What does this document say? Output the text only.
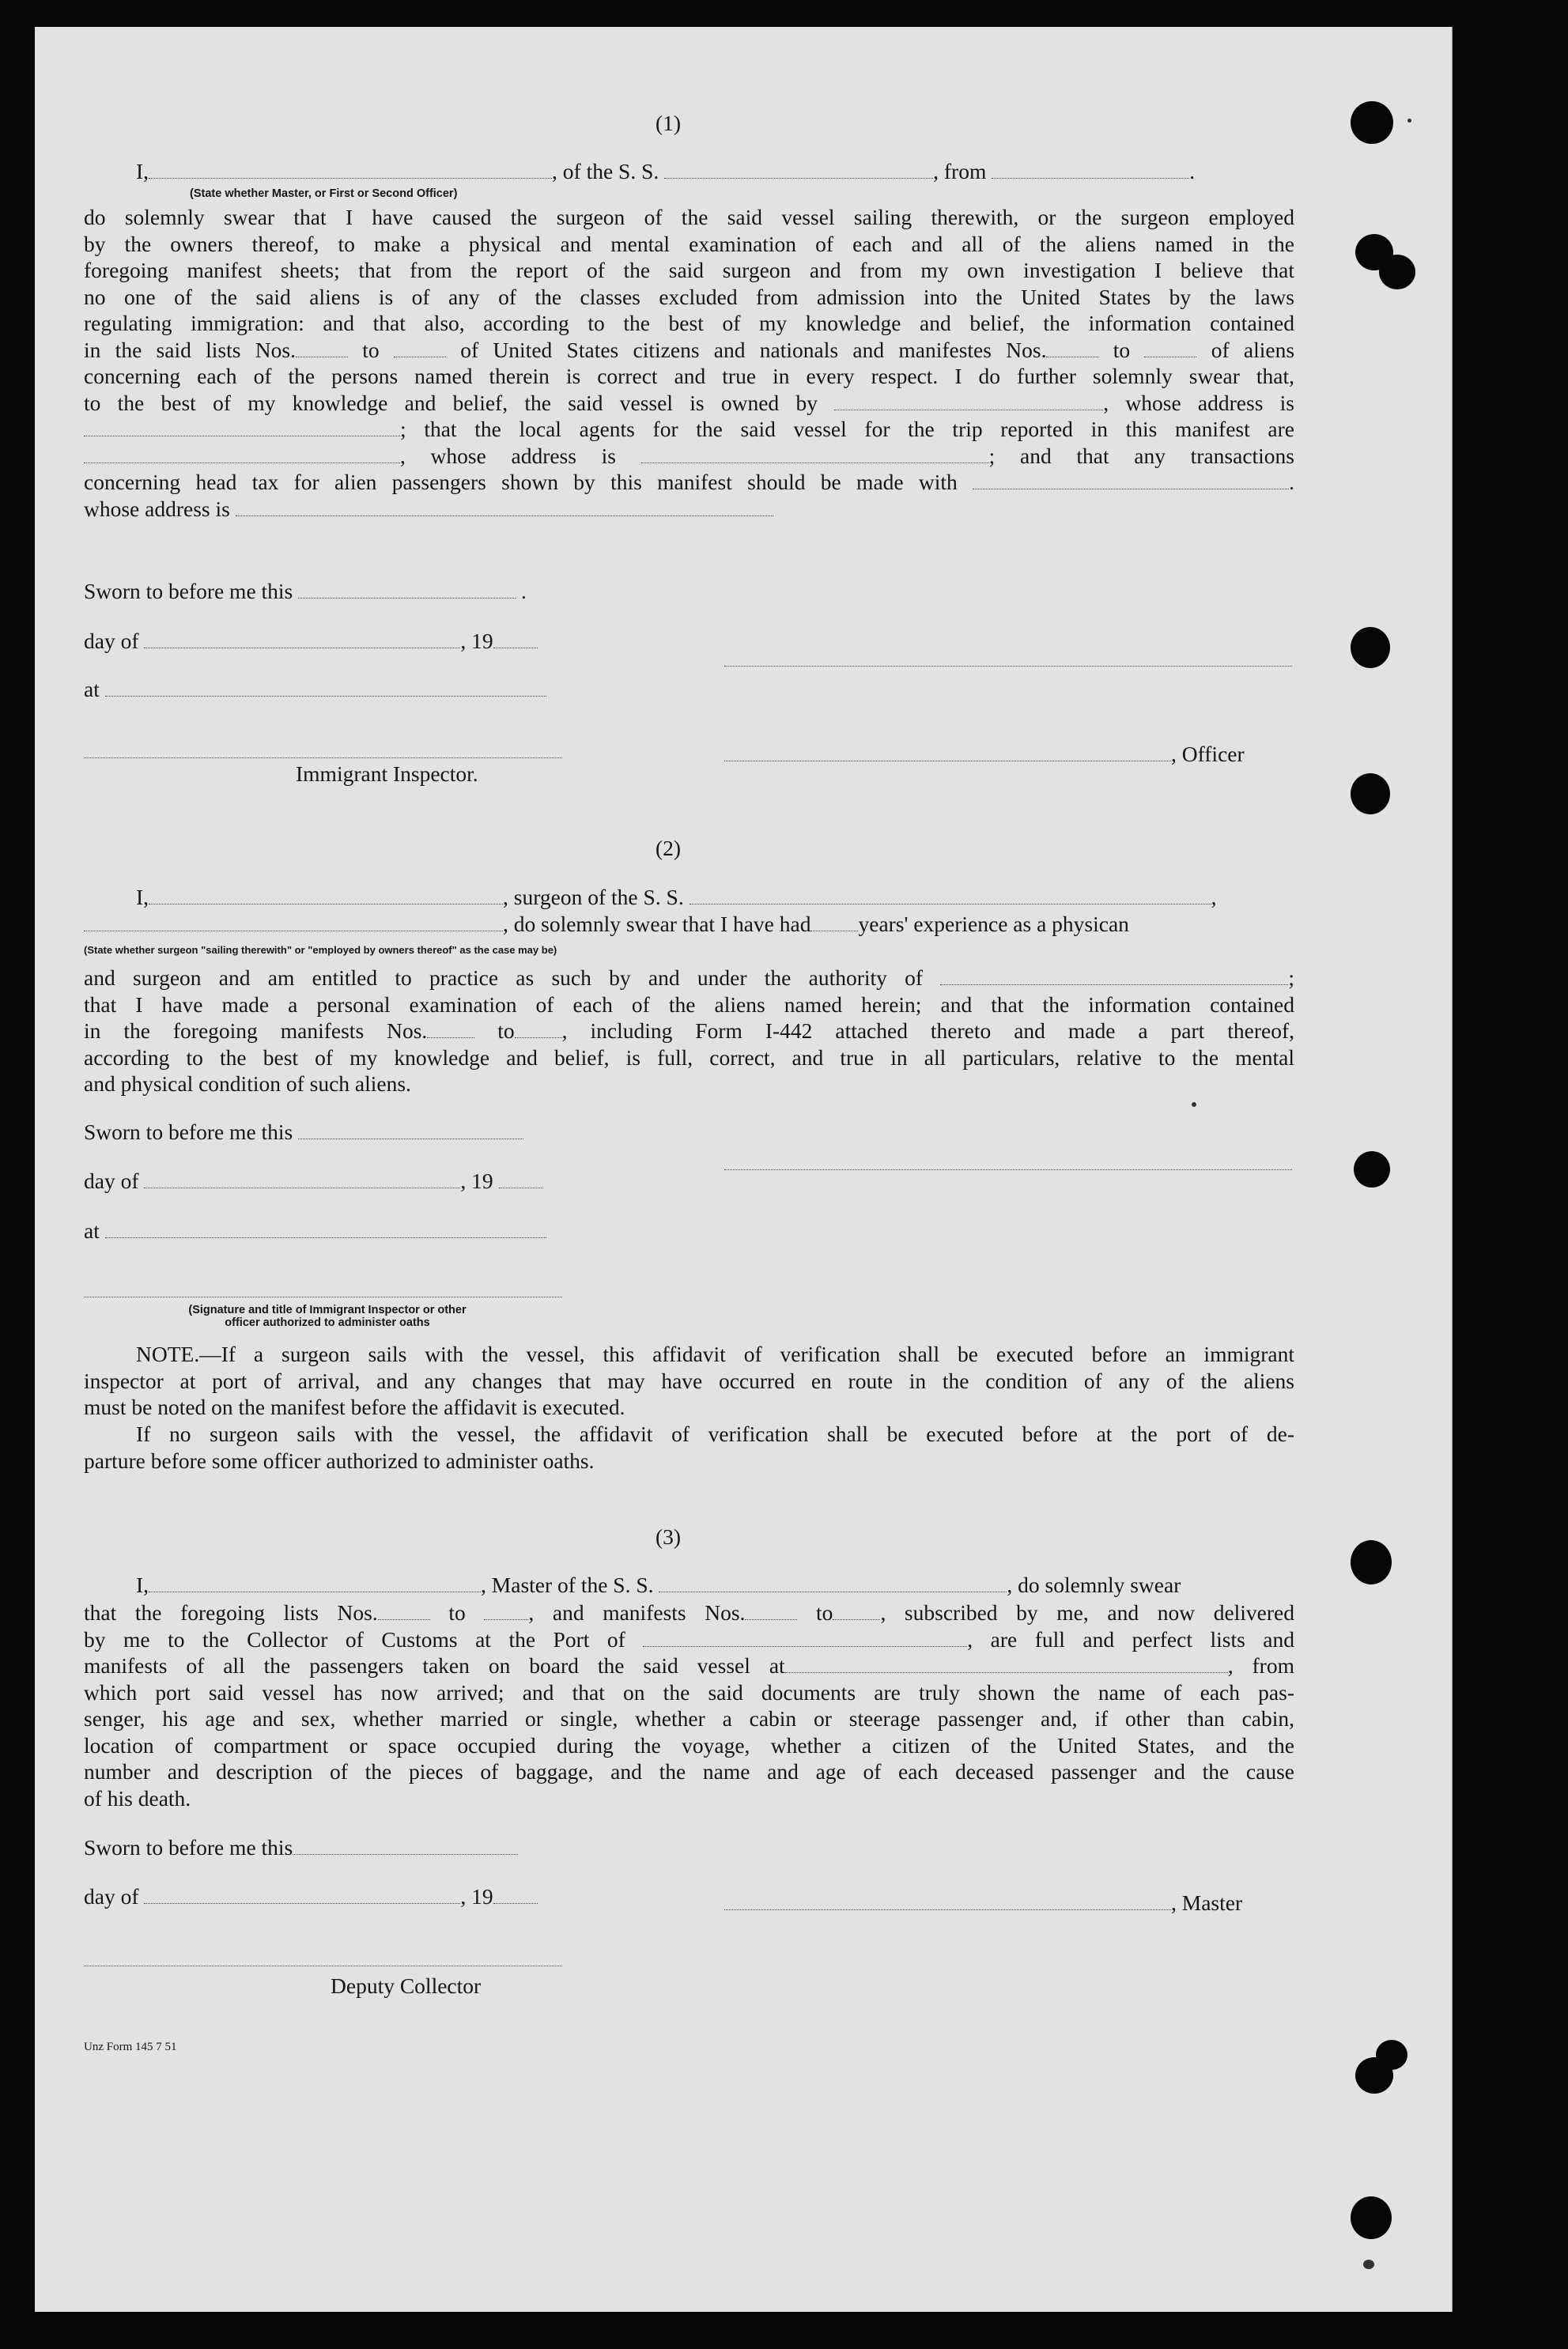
(1)
I,	, of the S. S.	, from	.
(State whether Master, or First or Second Officer)
do solemnly swear that I have caused the surgeon of the said vessel sailing therewith, or the surgeon employed
by the owners thereof, to make a physical and mental examination of each and all of the aliens named in the
foregoing manifest sheets; that from the report of the said surgeon and from my own investigation I believe that
no one of the said aliens is of any of the classes excluded from admission into the United States by the laws
regulating immigration: and that also, according to the best of my knowledge and belief, the information contained
in the said lists Nos.	to	of United States citizens and nationals and manifestes Nos.	to	of aliens
concerning each of the persons named therein is correct and true in every respect. I do further solemnly swear that,
to the best of my knowledge and belief, the said vessel is owned by	, whose address is
; that the local agents for the said vessel for the trip reported in this manifest are
, whose address is	; and that any transactions
concerning head tax for alien passengers shown by this manifest should be made with	.
whose address is
Sworn to before me this	.
day of	, 19
at
, Officer
Immigrant Inspector.
(2)
I,	, surgeon of the S. S.	,
, do solemnly swear that I have had years' experience as a physican
(State whether surgeon "sailing therewith" or "employed by owners thereof" as the case may be)
and surgeon and am entitled to practice as such by and under the authority of	;
that I have made a personal examination of each of the aliens named herein; and that the information contained
in the foregoing manifests Nos.	to , including Form I-442 attached thereto and made a part thereof,
according to the best of my knowledge and belief, is full, correct, and true in all particulars, relative to the mental
and physical condition of such aliens.
Sworn to before me this
day of	, 19
at
(Signature and title of Immigrant Inspector or other
officer authorized to administer oaths
NOTE.—If a surgeon sails with the vessel, this affidavit of verification shall be executed before an immigrant
inspector at port of arrival, and any changes that may have occurred en route in the condition of any of the aliens
must be noted on the manifest before the affidavit is executed.
If no surgeon sails with the vessel, the affidavit of verification shall be executed before at the port of de-
parture before some officer authorized to administer oaths.
(3)
I,	, Master of the S. S.	, do solemnly swear
that the foregoing lists Nos.	to	, and manifests Nos.	to , subscribed by me, and now delivered
by me to the Collector of Customs at the Port of	, are full and perfect lists and
manifests of all the passengers taken on board the said vessel at	, from
which port said vessel has now arrived; and that on the said documents are truly shown the name of each pas-
senger, his age and sex, whether married or single, whether a cabin or steerage passenger and, if other than cabin,
location of compartment or space occupied during the voyage, whether a citizen of the United States, and the
number and description of the pieces of baggage, and the name and age of each deceased passenger and the cause
of his death.
Sworn to before me this
day of	, 19	, Master
Deputy Collector
Unz Form 145 7 51
